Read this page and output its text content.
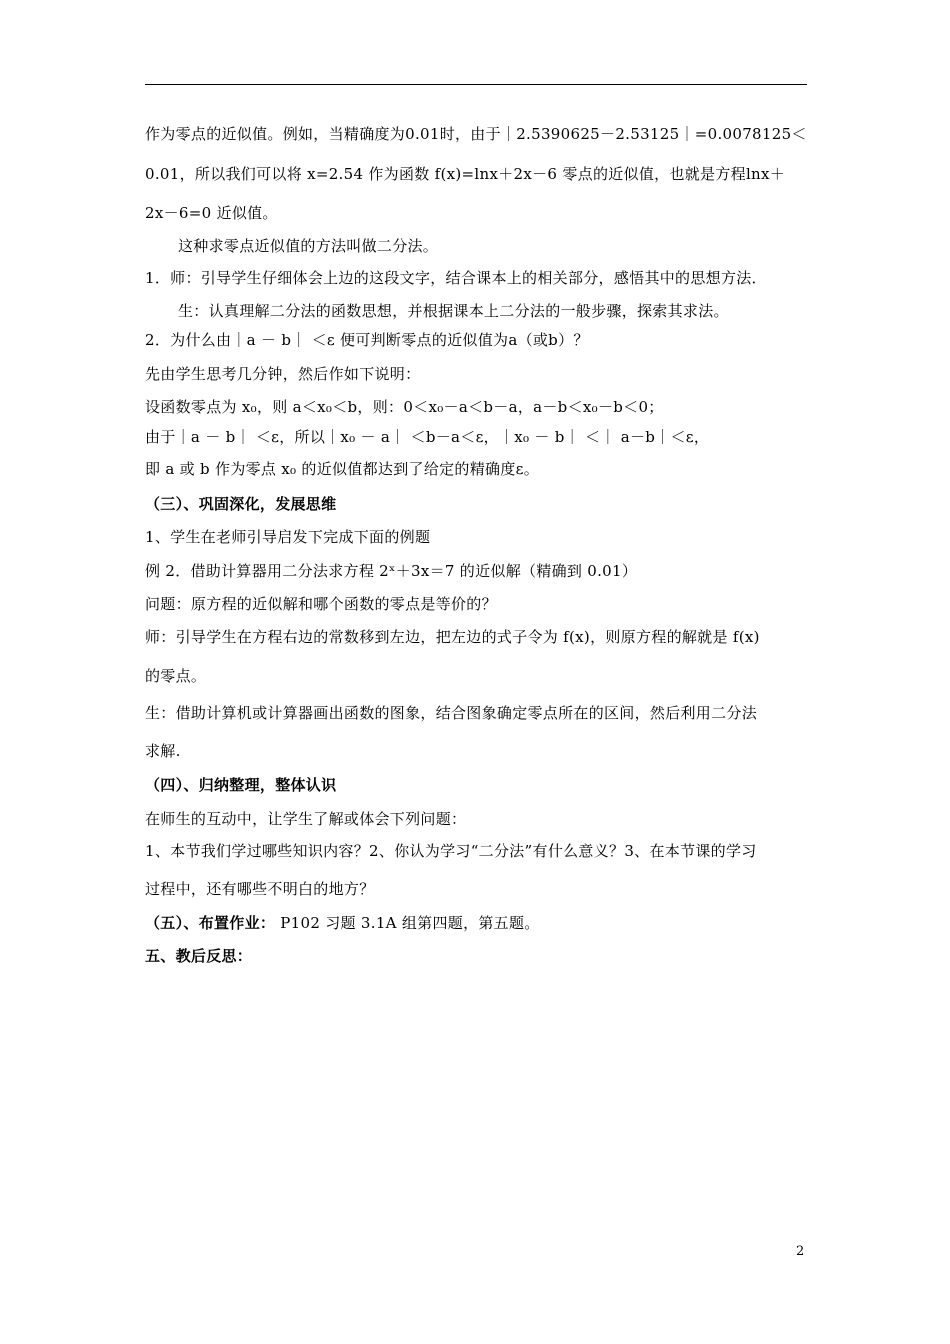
作为零点的近似值。例如，当精确度为0.01时，由于｜2.5390625－2.53125｜=0.0078125＜
0.01，所以我们可以将 x=2.54 作为函数 f(x)=lnx＋2x－6 零点的近似值，也就是方程lnx＋
2x－6=0 近似值。
这种求零点近似值的方法叫做二分法。
1．师：引导学生仔细体会上边的这段文字，结合课本上的相关部分，感悟其中的思想方法．
生：认真理解二分法的函数思想，并根据课本上二分法的一般步骤，探索其求法。
2．为什么由｜a － b｜ ＜ε 便可判断零点的近似值为a（或b）？
先由学生思考几分钟，然后作如下说明：
设函数零点为 x₀，则 a＜x₀＜b，则：0＜x₀－a＜b－a，a－b＜x₀－b＜0；
由于｜a － b｜ ＜ε，所以｜x₀ － a｜ ＜b－a＜ε，｜x₀ － b｜ ＜｜ a－b｜＜ε，
即 a 或 b 作为零点 x₀ 的近似值都达到了给定的精确度ε。
（三）、巩固深化，发展思维
1、学生在老师引导启发下完成下面的例题
例 2．借助计算器用二分法求方程 2ˣ＋3x＝7 的近似解（精确到 0.01）
问题：原方程的近似解和哪个函数的零点是等价的？
师：引导学生在方程右边的常数移到左边，把左边的式子令为 f(x)，则原方程的解就是 f(x)
的零点。
生：借助计算机或计算器画出函数的图象，结合图象确定零点所在的区间，然后利用二分法
求解.
（四）、归纳整理，整体认识
在师生的互动中，让学生了解或体会下列问题：
1、本节我们学过哪些知识内容？2、你认为学习“二分法”有什么意义？3、在本节课的学习
过程中，还有哪些不明白的地方？
（五）、布置作业： P102 习题 3.1A 组第四题，第五题。
五、教后反思：
2
